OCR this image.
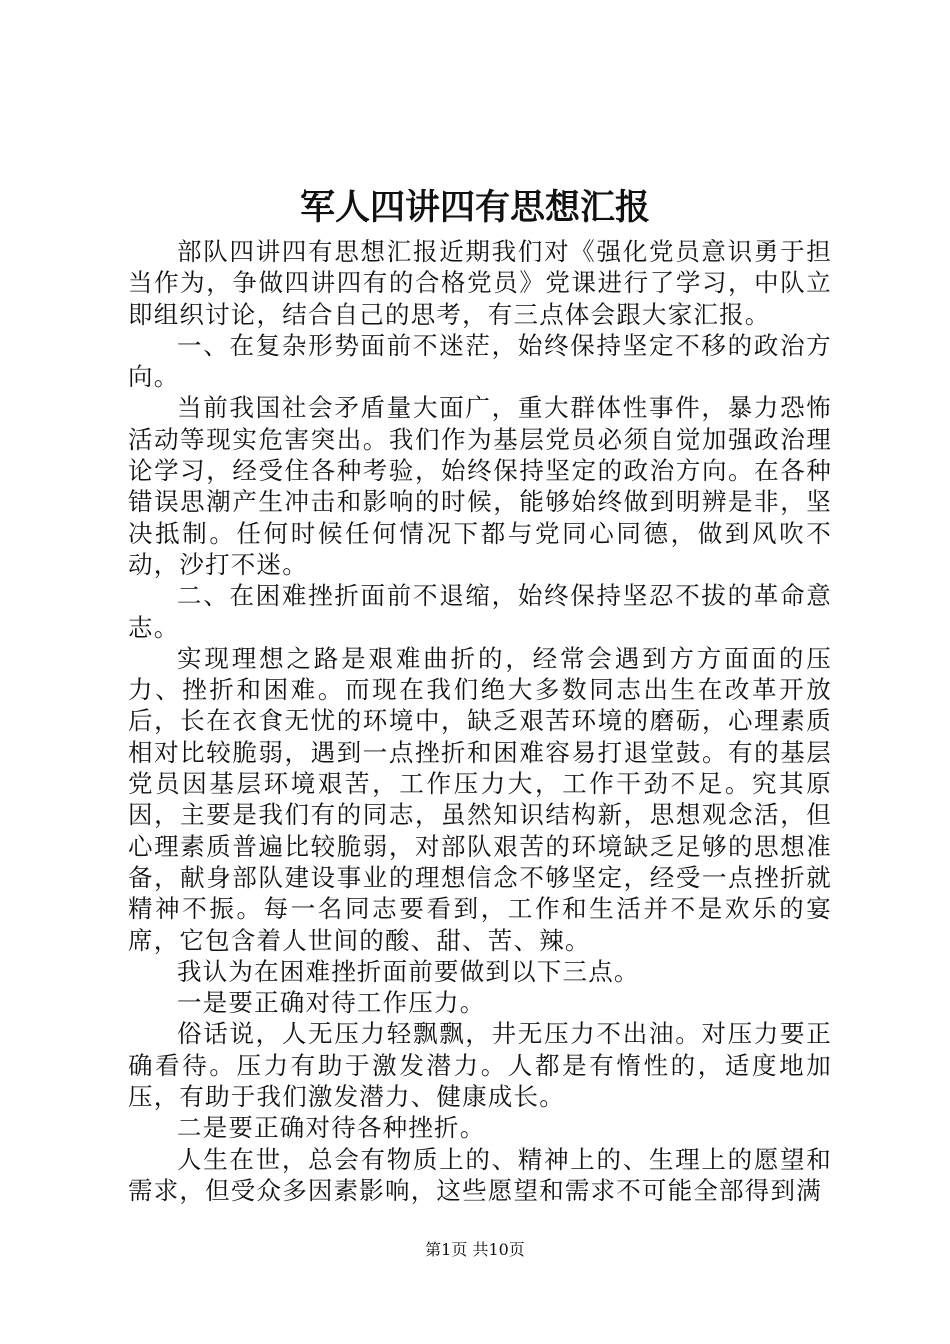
军人四讲四有思想汇报

部队四讲四有思想汇报近期我们对《强化党员意识勇于担当作为，争做四讲四有的合格党员》党课进行了学习，中队立即组织讨论，结合自己的思考，有三点体会跟大家汇报。

一、在复杂形势面前不迷茫，始终保持坚定不移的政治方向。

当前我国社会矛盾量大面广，重大群体性事件，暴力恐怖活动等现实危害突出。我们作为基层党员必须自觉加强政治理论学习，经受住各种考验，始终保持坚定的政治方向。在各种错误思潮产生冲击和影响的时候，能够始终做到明辨是非，坚决抵制。任何时候任何情况下都与党同心同德，做到风吹不动，沙打不迷。

二、在困难挫折面前不退缩，始终保持坚忍不拔的革命意志。

实现理想之路是艰难曲折的，经常会遇到方方面面的压力、挫折和困难。而现在我们绝大多数同志出生在改革开放后，长在衣食无忧的环境中，缺乏艰苦环境的磨砺，心理素质相对比较脆弱，遇到一点挫折和困难容易打退堂鼓。有的基层党员因基层环境艰苦，工作压力大，工作干劲不足。究其原因，主要是我们有的同志，虽然知识结构新，思想观念活，但心理素质普遍比较脆弱，对部队艰苦的环境缺乏足够的思想准备，献身部队建设事业的理想信念不够坚定，经受一点挫折就精神不振。每一名同志要看到，工作和生活并不是欢乐的宴席，它包含着人世间的酸、甜、苦、辣。

我认为在困难挫折面前要做到以下三点。

一是要正确对待工作压力。

俗话说，人无压力轻飘飘，井无压力不出油。对压力要正确看待。压力有助于激发潜力。人都是有惰性的，适度地加压，有助于我们激发潜力、健康成长。

二是要正确对待各种挫折。

人生在世，总会有物质上的、精神上的、生理上的愿望和需求，但受众多因素影响，这些愿望和需求不可能全部得到满

第1页 共10页
